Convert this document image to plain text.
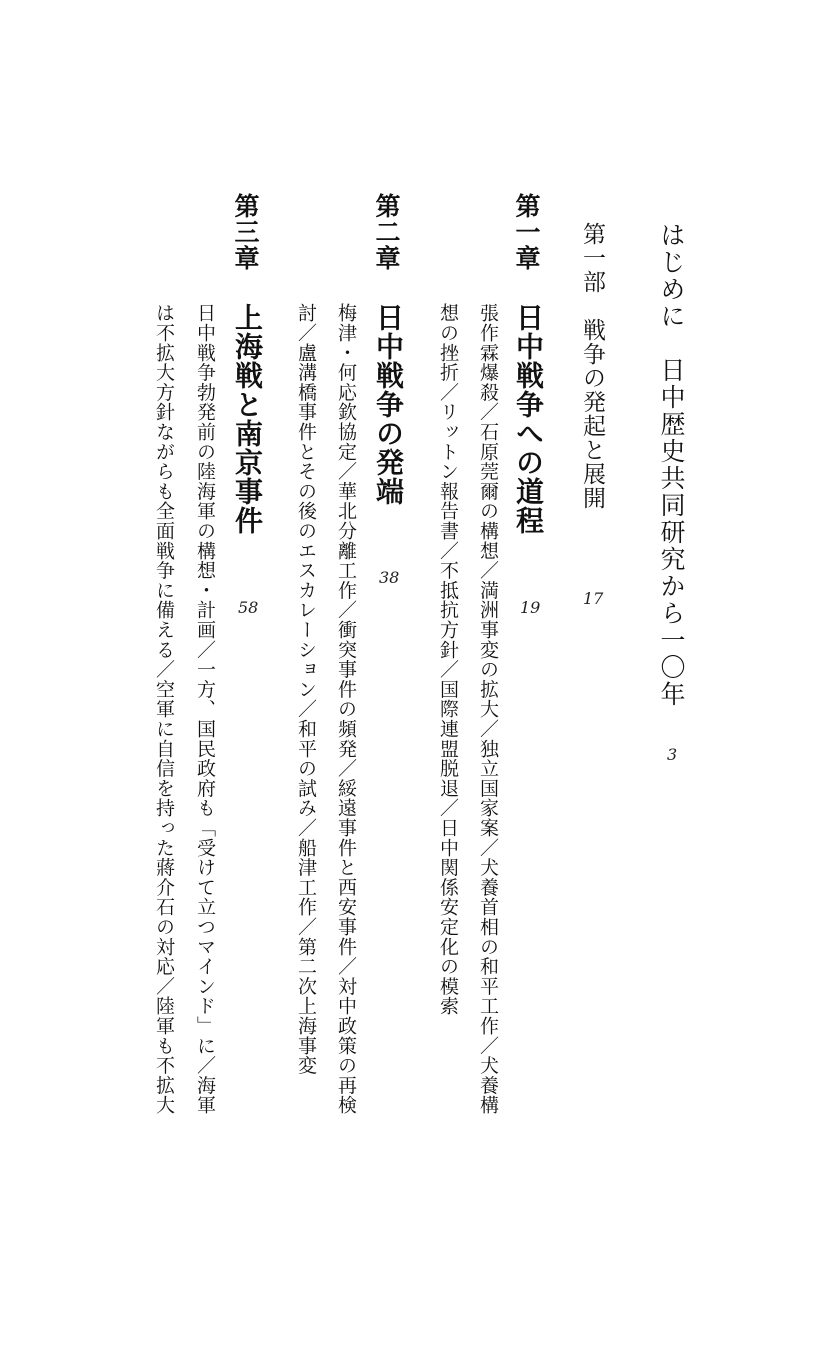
はじめに　日中歴史共同研究から一〇年
3
第一部　戦争の発起と展開
17
第一章
日中戦争への道程
19
張作霖爆殺／石原莞爾の構想／満洲事変の拡大／独立国家案／犬養首相の和平工作／犬養構
想の挫折／リットン報告書／不抵抗方針／国際連盟脱退／日中関係安定化の模索
第二章
日中戦争の発端
38
梅津・何応欽協定／華北分離工作／衝突事件の頻発／綏遠事件と西安事件／対中政策の再検
討／盧溝橋事件とその後のエスカレーション／和平の試み／船津工作／第二次上海事変
第三章
上海戦と南京事件
58
日中戦争勃発前の陸海軍の構想・計画／一方、国民政府も「受けて立つマインド」に／海軍
は不拡大方針ながらも全面戦争に備える／空軍に自信を持った蔣介石の対応／陸軍も不拡大
